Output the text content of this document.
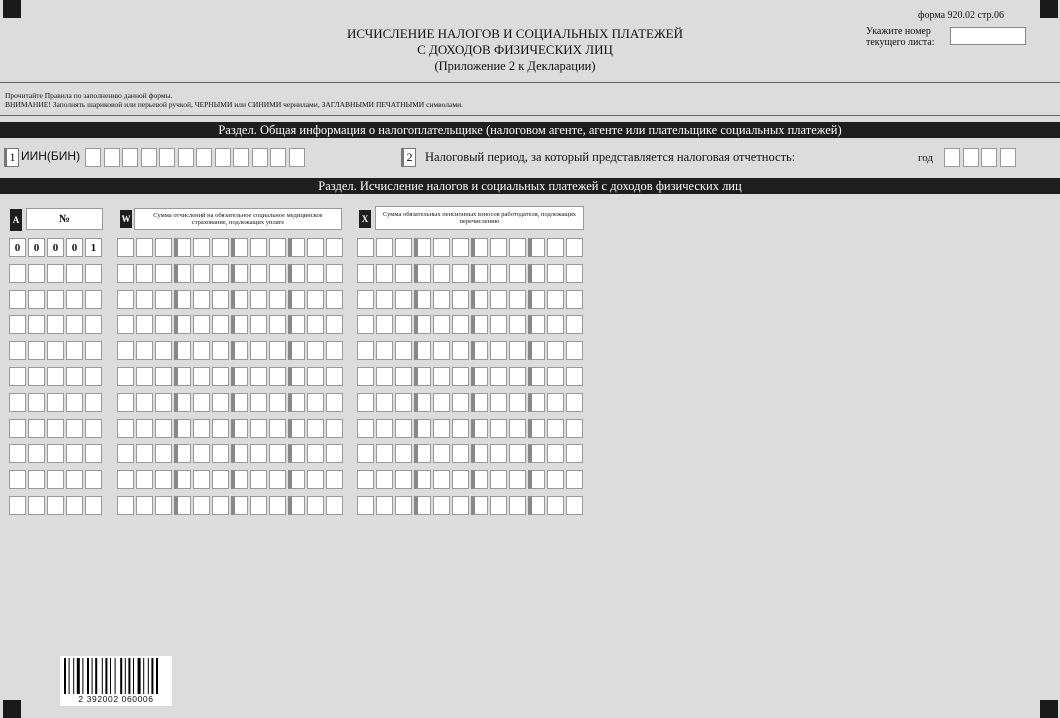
форма 920.02 стр.06
ИСЧИСЛЕНИЕ НАЛОГОВ И СОЦИАЛЬНЫХ ПЛАТЕЖЕЙ
С ДОХОДОВ ФИЗИЧЕСКИХ ЛИЦ
(Приложение 2 к Декларации)
Укажите номер
текущего листа:
Прочитайте Правила по заполнению данной формы.
ВНИМАНИЕ! Заполнять шариковой или перьевой ручкой, ЧЕРНЫМИ или СИНИМИ чернилами, ЗАГЛАВНЫМИ ПЕЧАТНЫМИ символами.
Раздел. Общая информация о налогоплательщике (налоговом агенте, агенте или плательщике социальных платежей)
1 ИИН(БИН)	2 Налоговый период, за который представляется налоговая отчетность:	год
Раздел. Исчисление налогов и социальных платежей с доходов физических лиц
A	№	W	Сумма отчислений на обязательное социальное медицинское страхование, подлежащих уплате	X	Сумма обязательных пенсионных взносов работодателя, подлежащих перечислению
0	0	0	0	1
2 392002 060006
